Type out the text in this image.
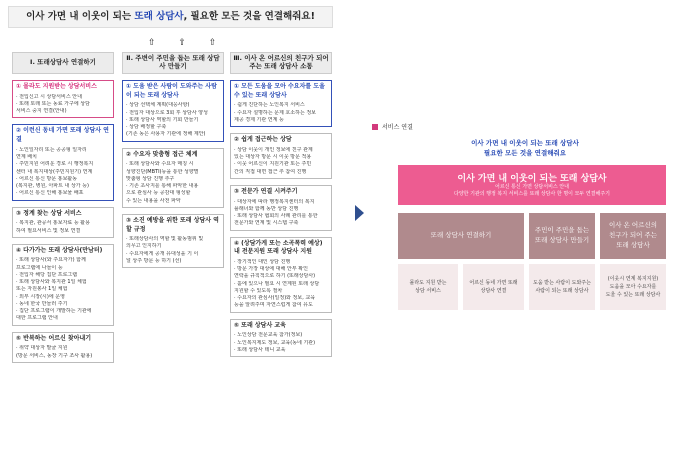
이사 가면 내 이웃이 되는 또래 상담사, 필요한 모든 것을 연결해줘요!
⇧ ⇧ ⇧
Ⅰ. 또래상담사 연결하기
① 몰라도 지원받는 상담서비스
· 전입신고 시 상담서비스 안내
· 또래 또래 또는 동료 가구에 상담
서비스 중지 연결(안내)
② 이런신 동네 가면 또래 상담사 연결
· 노인일자리 또는 공공형 일자리
연계 배치
· 주민지원 어려운 경로 시 행정복지
센터 내 복지대상(주민지원기) 연계
· 어르신 통신 방문 홍보활동
(복지관, 병원, 아파트 내 상가 등)
· 어르신 통신 인해 홍보물 배포
③ 정계 찾는 상담 서비스
· 복지관, 관공서 홍보자료 등 활용
하여 필요서비스 및 정보 연결
④ 다가가는 또래 상담사(만남터)
· 또래 상담사(와 주요자가) 함께
프로그램에 나들이 등
· 전입자 해당 집단 프로그램
· 또래 상담사와 복지관 1일 체험
또는 자원봉사 1일 체험
· 외부 시장(시)에 운영
· 동네 한국 만들러 주기
· 집단 프로그램이 개발하는 기관에
대한 프로그램 안내
⑤ 반복하는 어르신 찾아내기
· 취약 대상자 발굴 지원
(방문 서비스, 동장 기구 조사 활용)
Ⅱ. 주변이 주민을 돕는 또래 상담사 만들기
① 도움 받은 사람이 도와주는 사람이 되는 또래 상담사
· 상담 선택체 계획(대응사항)
· 전입자 대상으로 3회 후 상담사 양성
· 또래 상담사 역할의 기회 만들기
· 상담 배정할 구축
(기존 동은 사용자 기관에 정해 제안)
② 수요자 맞춤형 접근 체계
· 또래 상담사와 수요자 매칭 시
성향진단(MBTI)등을 통한 성향별
맞춤형 상담 진행 추구
· 기존 초사지를 통해 파악한 내용
으로 관심사 등 공감대 형성할
수 있는 내용을 사전 파악
③ 소진 예방을 위한 또래 상담사 역할 규정
· 또래상담사의 역할 및 활동범위 및
의무고 인지하기
· 수요자에게 공개 유대성을 기 이
널 상주 방문 등 하기 (선)
Ⅲ. 이사 온 어르신의 친구가 되어주는 또래 상담사 소통
① 모든 도움을 모아 수요자를 도울 수 있는 또래 상담사
· 쉽게 진단하는 노인복지 서비스
· 수요자 설명하는 문제 호소하는 정보
제공 경제 기관 연계 등
② 쉽게 접근하는 상담
· 상담 이웃이 개인 정보에 친구 관계
있는 대상자 방문 시 이웃 방문 적용
· 이웃 어르신이 지원기관 또는 주민
간의 직접 대면 접근 추 참여 진행
③ 전문가 연결 시켜주기
· 대상자에 따라 행정복지센터의 복지
플래너와 함께 동반 상담 진행
· 또래 상담사 협회의 사례 관리를 통한
전문가와 연계 및 시스템 구축
④ (상담가게 또는 소곡폭력 예상) 내 전문지원 또래 상담사 지원
· 장기적인 대인 상담 진행
· 방문 가장 대상에 대해 안부 확인
연락을 규칙적으로 하기 (또래상담사)
· 홀에 있으나 필요 시 연계된 또래 상담
지원할 수 있도록 절차
· 수요자의 관심사(일정)와 정보, 교육
등을 알려주며 자연스럽게 참여 유도
⑤ 또래 상담사 교육
· 노인상담 전문교육 참가(정보)
· 노인복지제도 정보, 교육(동네 기관)
· 또래 상담사 테니 교육
서비스 연결
이사 가면 내 이웃이 되는 또래 상담사
필요한 모든 것을 연결해줘요
이사 가면 내 이웃이 되는 또래 상담사
어르신 통신 가면 상담서비스 안내
다양한 기관의 행정 복지 서비스를 또래 상담사 한 명이 모두 연결해주기
또래 상담사 연결하기
주민이 주민을 돕는
또래 상담사 만들기
이사 온 어르신의
친구가 되어 주는
또래 상담사
몰라도 지원 받는
상담 서비스
어르신 동네 가면 또래
상담사 연결
도움 받는 사람이 도와주는
사람이 되는 또래 상담사
(이웃시 연계 복지지원)
도움을 모아 수요자를
도울 수 있는 또래 상담사
